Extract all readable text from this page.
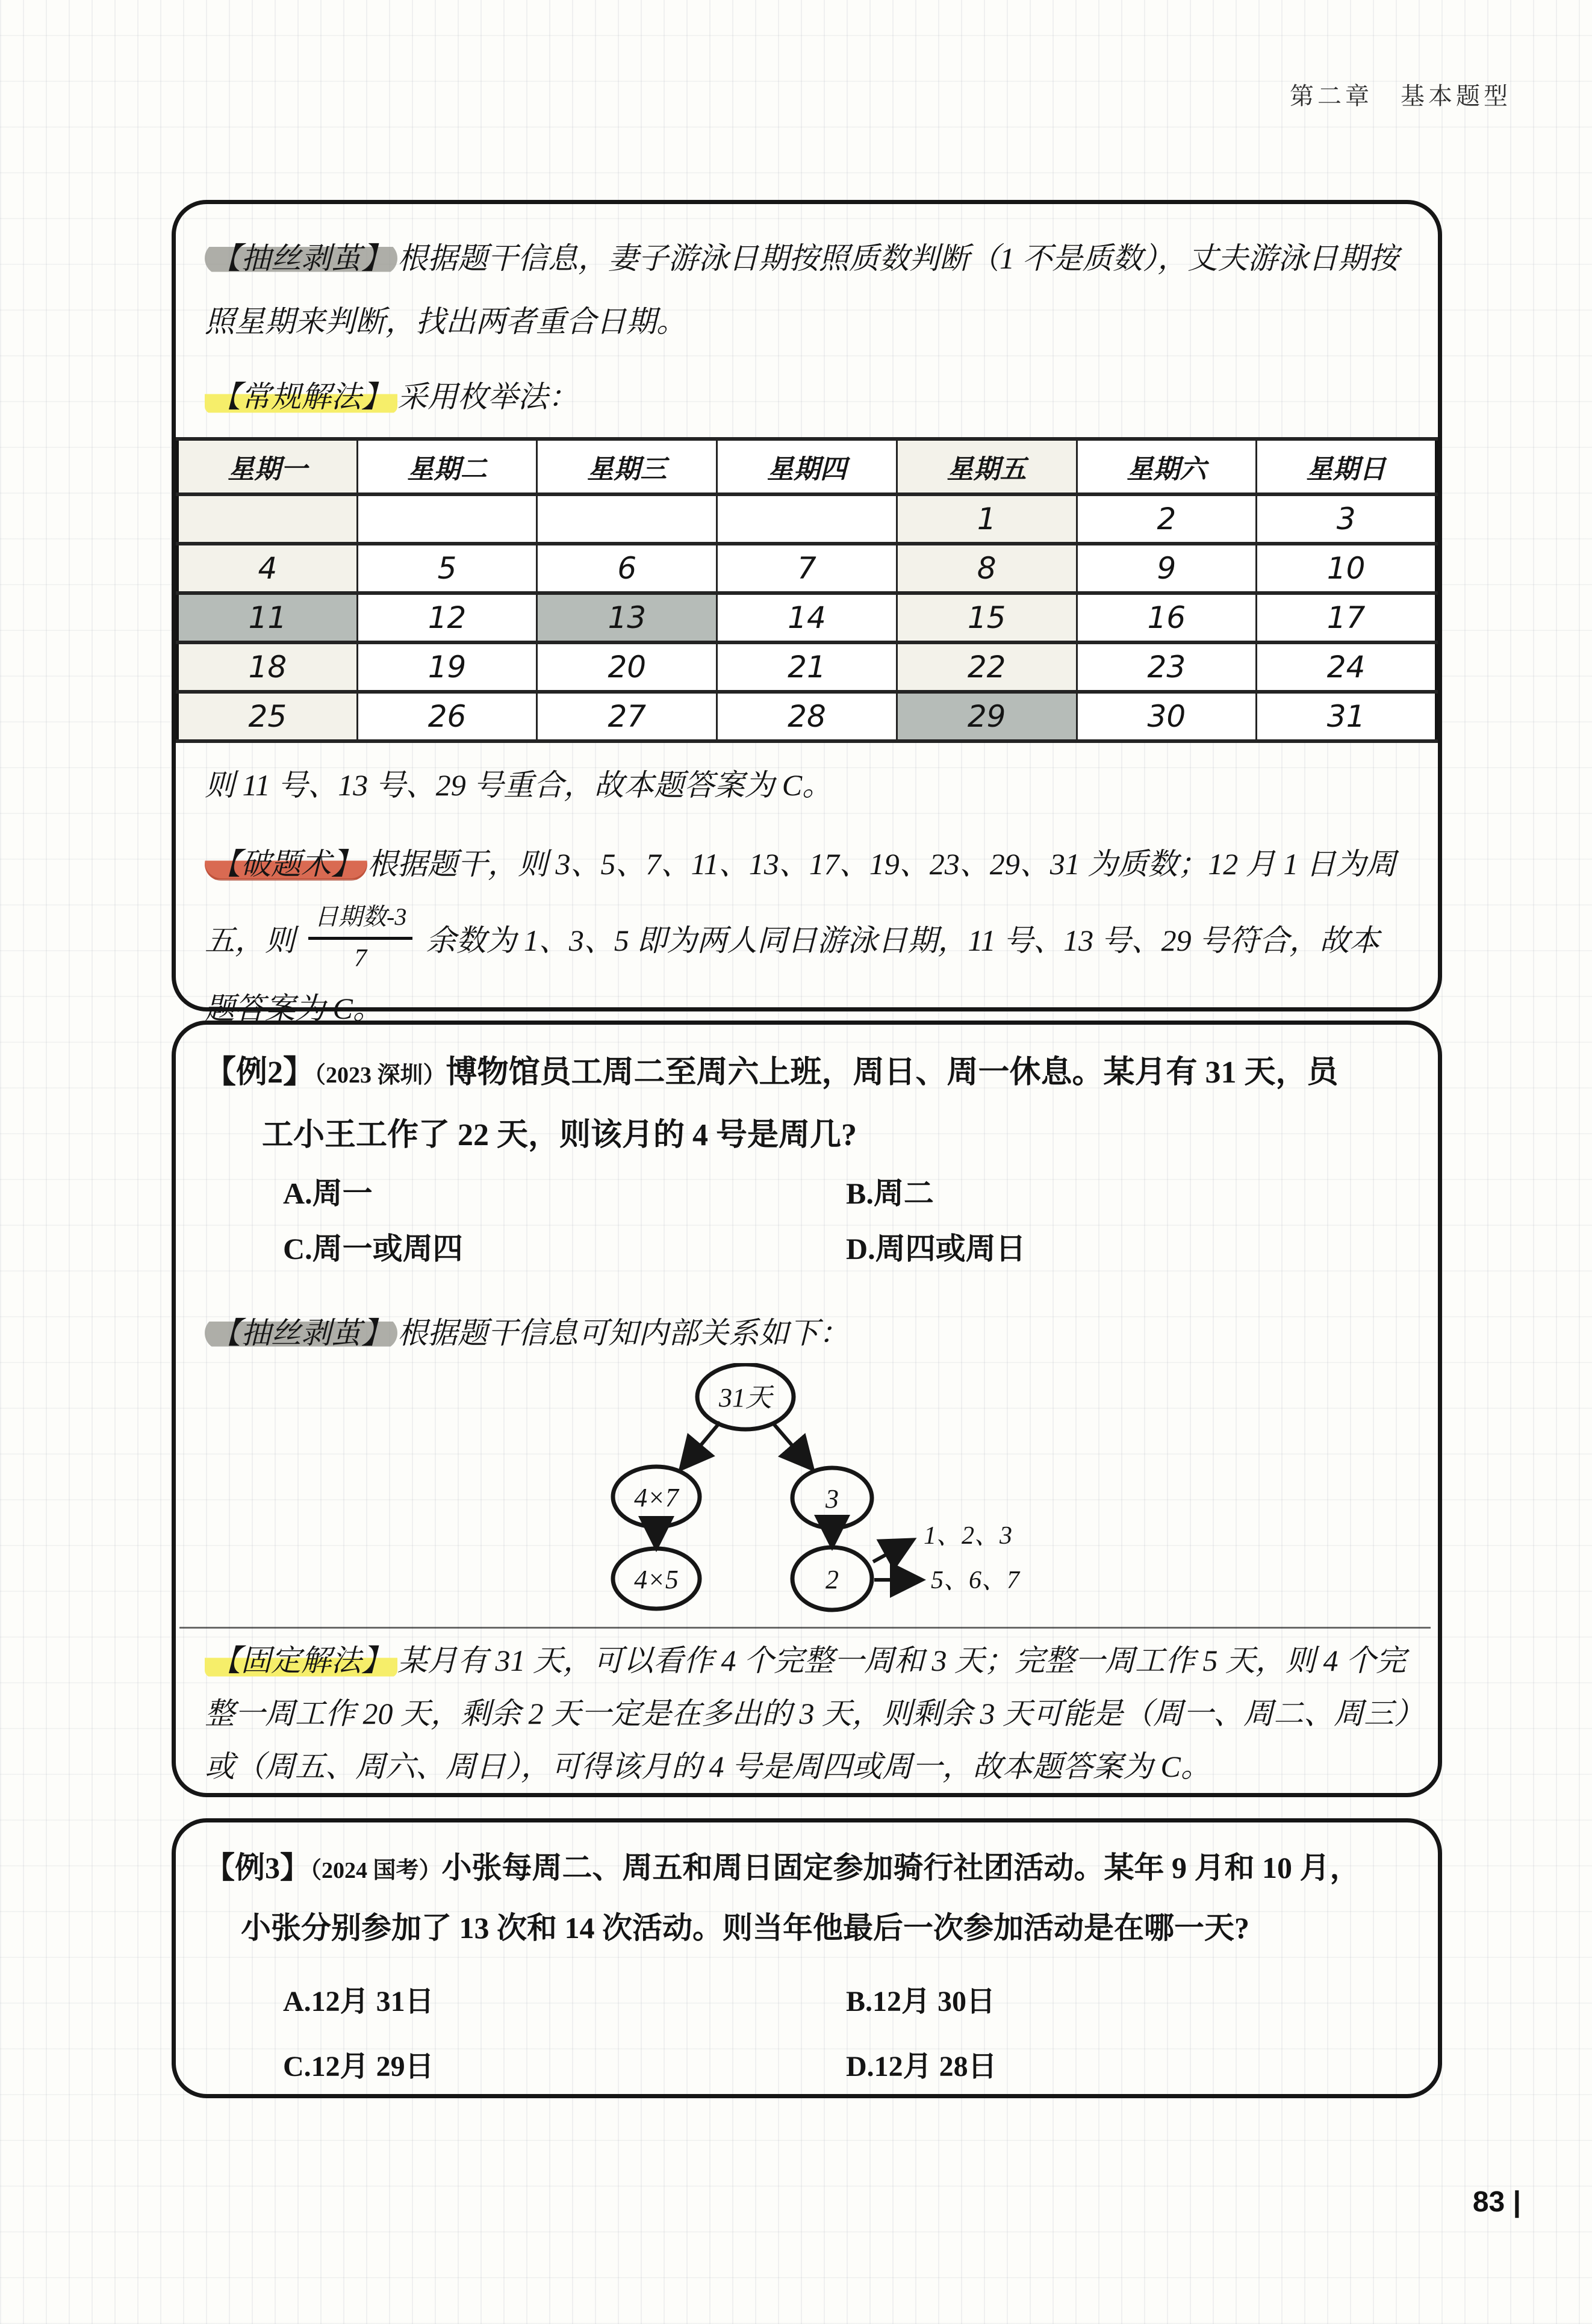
第二章　基本题型
【抽丝剥茧】 根据题干信息，妻子游泳日期按照质数判断（1 不是质数），丈夫游泳日期按
照星期来判断，找出两者重合日期。
【常规解法】 采用枚举法：
星期一	星期二	星期三	星期四	星期五	星期六	星期日
				1	2	3
4	5	6	7	8	9	10
11	12	13	14	15	16	17
18	19	20	21	22	23	24
25	26	27	28	29	30	31
则 11 号、13 号、29 号重合，故本题答案为 C。
【破题术】 根据题干，则 3、5、7、11、13、17、19、23、29、31 为质数；12 月 1 日为周
五，则 $\frac{\text{日期数-3}}{7}$ 余数为 1、3、5 即为两人同日游泳日期，11 号、13 号、29 号符合，故本
题答案为 C。
【例2】（2023 深圳）博物馆员工周二至周六上班，周日、周一休息。某月有 31 天，员
工小王工作了 22 天，则该月的 4 号是周几?
A.周一	B.周二
C.周一或周四	D.周四或周日
【抽丝剥茧】 根据题干信息可知内部关系如下：
31天
4×7	3
4×5	2
1、2、3
5、6、7
【固定解法】 某月有 31 天，可以看作 4 个完整一周和 3 天；完整一周工作 5 天，则 4 个完
整一周工作 20 天，剩余 2 天一定是在多出的 3 天，则剩余 3 天可能是（周一、周二、周三）
或（周五、周六、周日），可得该月的 4 号是周四或周一，故本题答案为 C。
【例3】（2024 国考）小张每周二、周五和周日固定参加骑行社团活动。某年 9 月和 10 月，
小张分别参加了 13 次和 14 次活动。则当年他最后一次参加活动是在哪一天?
A.12月 31日	B.12月 30日
C.12月 29日	D.12月 28日
83 |
